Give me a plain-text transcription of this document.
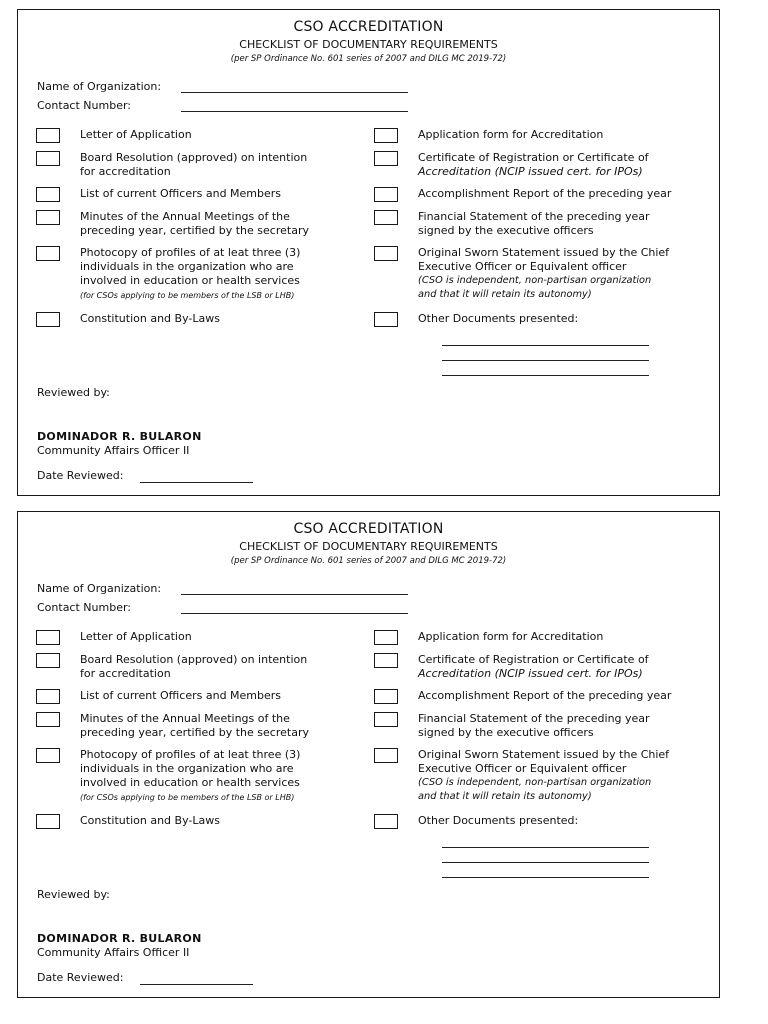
CSO ACCREDITATION
CHECKLIST OF DOCUMENTARY REQUIREMENTS
(per SP Ordinance No. 601 series of 2007 and DILG MC 2019-72)
Name of Organization:
Contact Number:
Letter of Application
Board Resolution (approved) on intention
for accreditation
List of current Officers and Members
Minutes of the Annual Meetings of the
preceding year, certified by the secretary
Photocopy of profiles of at leat three (3)
individuals in the organization who are
involved in education or health services
(for CSOs applying to be members of the LSB or LHB)
Constitution and By-Laws
Application form for Accreditation
Certificate of Registration or Certificate of
Accreditation (NCIP issued cert. for IPOs)
Accomplishment Report of the preceding year
Financial Statement of the preceding year
signed by the executive officers
Original Sworn Statement issued by the Chief
Executive Officer or Equivalent officer
(CSO is independent, non-partisan organization
and that it will retain its autonomy)
Other Documents presented:
Reviewed by:
DOMINADOR R. BULARON
Community Affairs Officer II
Date Reviewed:
CSO ACCREDITATION
CHECKLIST OF DOCUMENTARY REQUIREMENTS
(per SP Ordinance No. 601 series of 2007 and DILG MC 2019-72)
Name of Organization:
Contact Number:
Letter of Application
Board Resolution (approved) on intention
for accreditation
List of current Officers and Members
Minutes of the Annual Meetings of the
preceding year, certified by the secretary
Photocopy of profiles of at leat three (3)
individuals in the organization who are
involved in education or health services
(for CSOs applying to be members of the LSB or LHB)
Constitution and By-Laws
Application form for Accreditation
Certificate of Registration or Certificate of
Accreditation (NCIP issued cert. for IPOs)
Accomplishment Report of the preceding year
Financial Statement of the preceding year
signed by the executive officers
Original Sworn Statement issued by the Chief
Executive Officer or Equivalent officer
(CSO is independent, non-partisan organization
and that it will retain its autonomy)
Other Documents presented:
Reviewed by:
DOMINADOR R. BULARON
Community Affairs Officer II
Date Reviewed:
